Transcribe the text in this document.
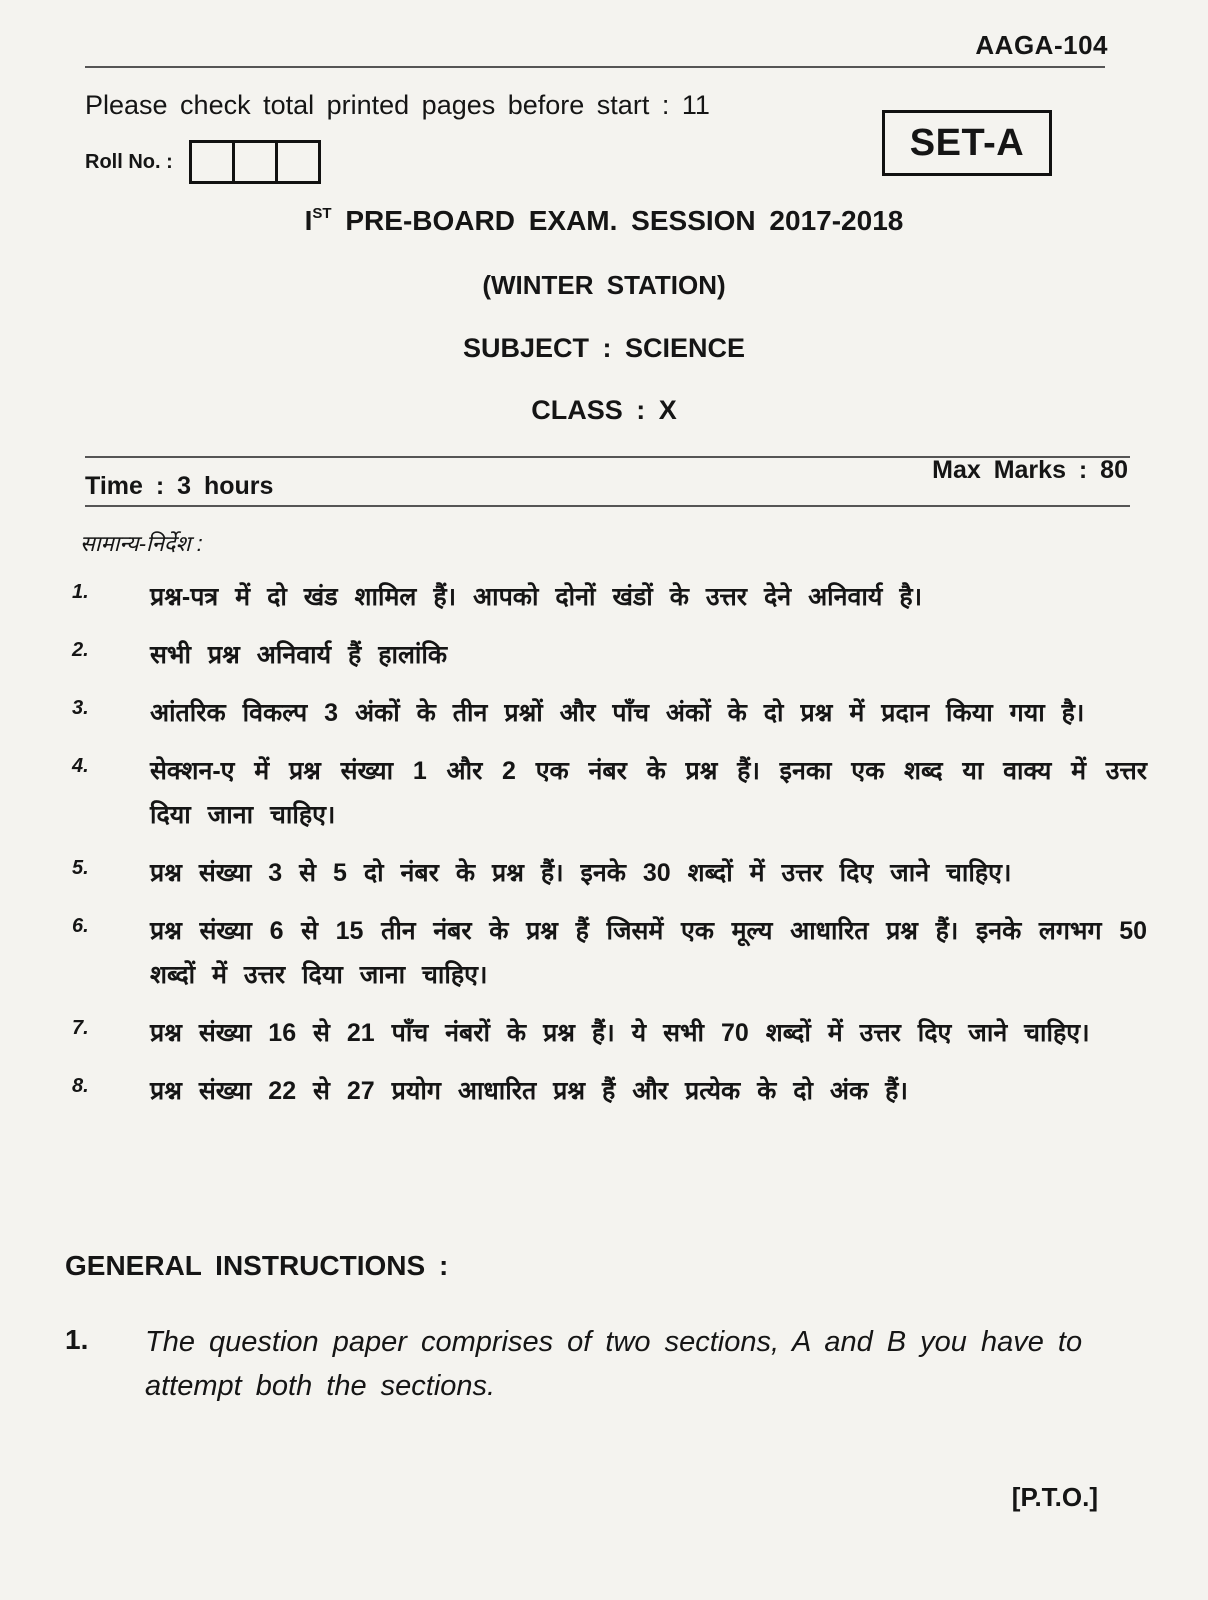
AAGA-104
Please check total printed pages before start : 11
Roll No. :	SET-A
IST PRE-BOARD EXAM. SESSION 2017-2018
(WINTER STATION)
SUBJECT : SCIENCE
CLASS : X
Time : 3 hours
Max Marks : 80
सामान्य-निर्देश :
1.	प्रश्न-पत्र में दो खंड शामिल हैं। आपको दोनों खंडों के उत्तर देने अनिवार्य है।
2.	सभी प्रश्न अनिवार्य हैं हालांकि
3.	आंतरिक विकल्प 3 अंकों के तीन प्रश्नों और पाँच अंकों के दो प्रश्न में प्रदान किया गया है।
4.	सेक्शन-ए में प्रश्न संख्या 1 और 2 एक नंबर के प्रश्न हैं। इनका एक शब्द या वाक्य में उत्तर दिया जाना चाहिए।
5.	प्रश्न संख्या 3 से 5 दो नंबर के प्रश्न हैं। इनके 30 शब्दों में उत्तर दिए जाने चाहिए।
6.	प्रश्न संख्या 6 से 15 तीन नंबर के प्रश्न हैं जिसमें एक मूल्य आधारित प्रश्न हैं। इनके लगभग 50 शब्दों में उत्तर दिया जाना चाहिए।
7.	प्रश्न संख्या 16 से 21 पाँच नंबरों के प्रश्न हैं। ये सभी 70 शब्दों में उत्तर दिए जाने चाहिए।
8.	प्रश्न संख्या 22 से 27 प्रयोग आधारित प्रश्न हैं और प्रत्येक के दो अंक हैं।
GENERAL INSTRUCTIONS :
1.	The question paper comprises of two sections, A and B you have to attempt both the sections.
[P.T.O.]
